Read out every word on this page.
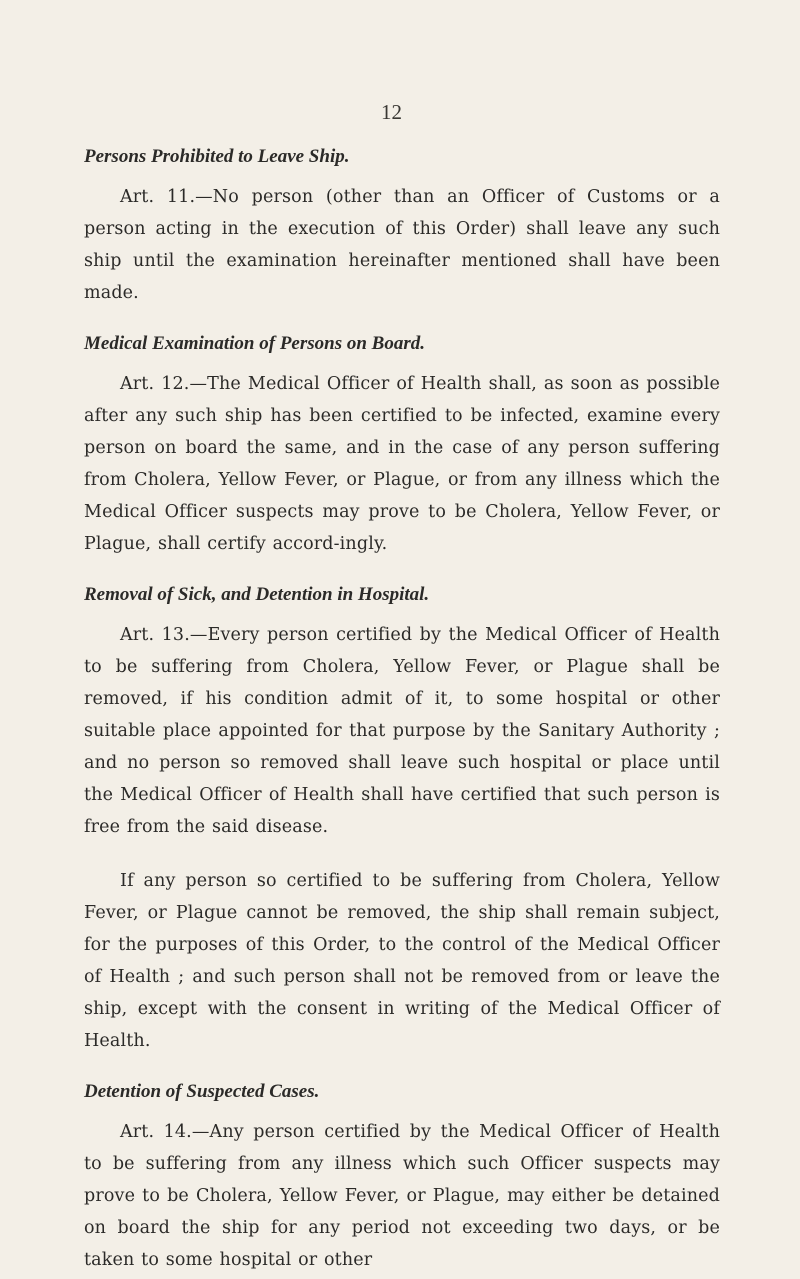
12
Persons Prohibited to Leave Ship.

Art. 11.—No person (other than an Officer of Customs or a person acting in the execution of this Order) shall leave any such ship until the examination hereinafter mentioned shall have been made.

Medical Examination of Persons on Board.

Art. 12.—The Medical Officer of Health shall, as soon as possible after any such ship has been certified to be infected, examine every person on board the same, and in the case of any person suffering from Cholera, Yellow Fever, or Plague, or from any illness which the Medical Officer suspects may prove to be Cholera, Yellow Fever, or Plague, shall certify accord-ingly.

Removal of Sick, and Detention in Hospital.

Art. 13.—Every person certified by the Medical Officer of Health to be suffering from Cholera, Yellow Fever, or Plague shall be removed, if his condition admit of it, to some hospital or other suitable place appointed for that purpose by the Sanitary Authority ; and no person so removed shall leave such hospital or place until the Medical Officer of Health shall have certified that such person is free from the said disease.

If any person so certified to be suffering from Cholera, Yellow Fever, or Plague cannot be removed, the ship shall remain subject, for the purposes of this Order, to the control of the Medical Officer of Health ; and such person shall not be removed from or leave the ship, except with the consent in writing of the Medical Officer of Health.

Detention of Suspected Cases.

Art. 14.—Any person certified by the Medical Officer of Health to be suffering from any illness which such Officer suspects may prove to be Cholera, Yellow Fever, or Plague, may either be detained on board the ship for any period not exceeding two days, or be taken to some hospital or other
